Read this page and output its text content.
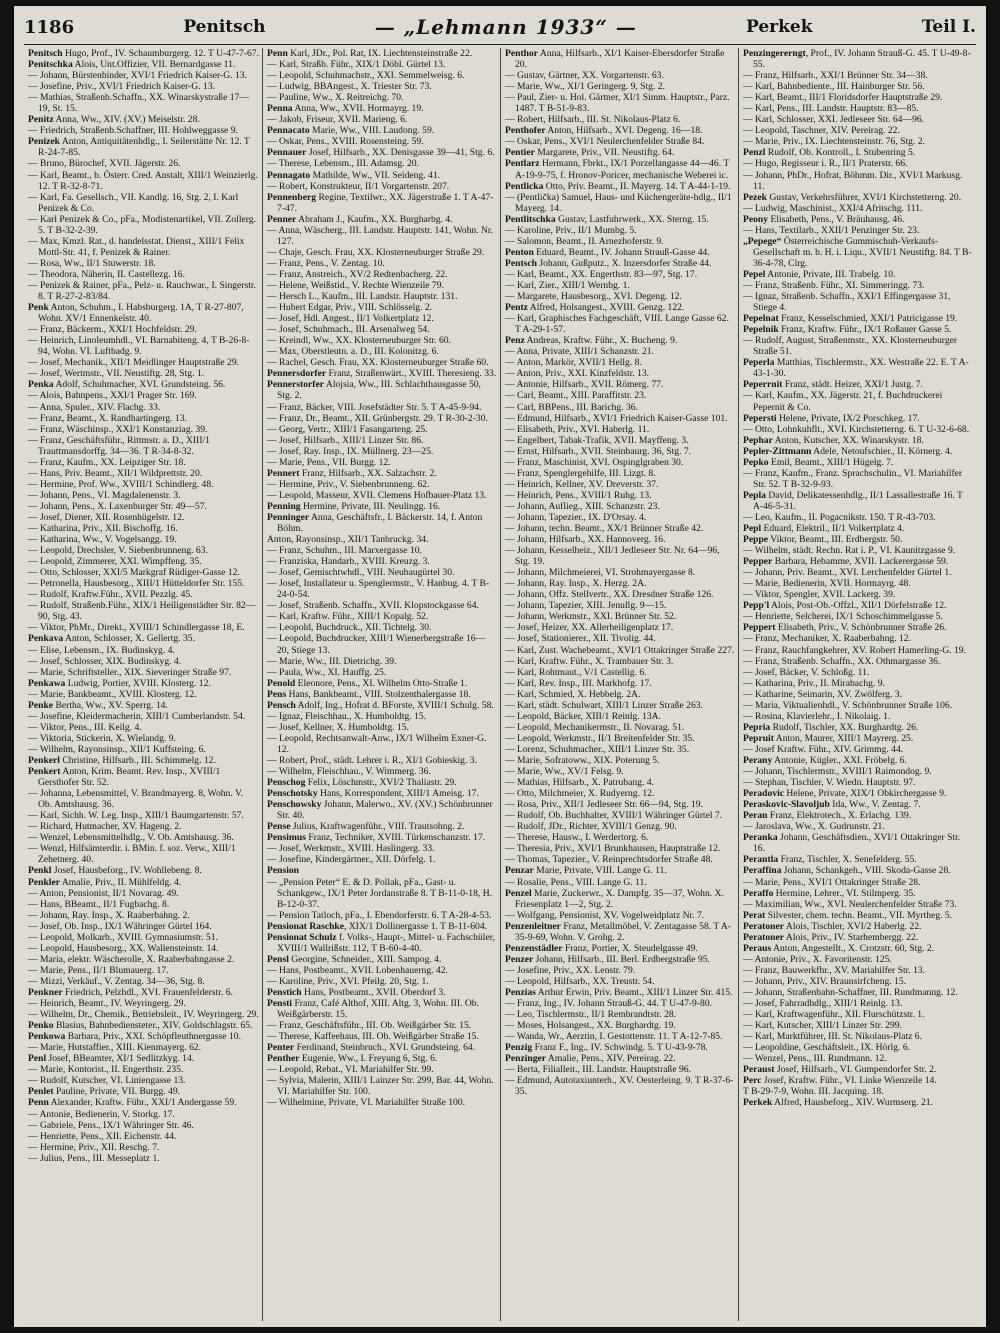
1186	Penitsch	— „Lehmann 1933“ —	Perkek	Teil I.

Penitsch Hugo, Prof., IV. Schaumburgerg. 12. T U-47-7-67.

Penitschka Alois, Unt.Offizier, VII. Bernardgasse 11.

— Johann, Bürstenbinder, XVI/1 Friedrich Kaiser-G. 13.

— Josefine, Priv., XVI/1 Friedrich Kaiser-G. 13.

— Mathias, Straßenb.Schaffn., XX. Winarskystraße 17—19, St. 15.

Penitz Anna, Ww., XIV. (XV.) Meiselstr. 28.

— Friedrich, Straßenb.Schaffner, III. Hohlweggasse 9.

Penizek Anton, Antiquitätenhdlg., I. Seilerstätte Nr. 12. T R-24-7-85.

— Bruno, Bürochef, XVII. Jägerstr. 26.

— Karl, Beamt., b. Österr. Cred. Anstalt, XIII/1 Weinzierlg. 12. T R-32-8-71.

— Karl, Fa. Gesellsch., VII. Kandlg. 16, Stg. 2, I. Karl Penizek & Co.

— Karl Penizek & Co., pFa., Modistenartikel, VII. Zollerg. 5. T B-32-2-39.

— Max, Kmzl. Rat., d. handelsstat. Dienst., XIII/1 Felix Mottl-Str. 41, f. Penizek & Rainer.

— Rosa, Ww., II/1 Stuwerstr. 18.

— Theodora, Näherin, II. Castellezg. 16.

— Penizek & Rainer, pFa., Pelz- u. Rauchwar., I. Singerstr. 8. T R-27-2-83/84.

Penk Anton, Schuhm., I. Habsburgerg. 1A, T R-27-807, Wohn. XV/1 Ennenkelstr. 40.

— Franz, Bäckerm., XXI/1 Hochfeldstr. 29.

— Heinrich, Linoleumhdl., VI. Barnabiteng. 4, T B-26-8-94, Wohn. VI. Luftbadg. 9.

— Josef, Mechanik., XII/1 Meidlinger Hauptstraße 29.

— Josef, Wertmstr., VII. Neustiftg. 28, Stg. 1.

Penka Adolf, Schuhmacher, XVI. Grundsteing. 56.

— Alois, Bahnpens., XXI/1 Prager Str. 169.

— Anna, Spuler., XIV. Flachg. 33.

— Franz, Beamt., X. Randhartingerg. 13.

— Franz, Wäschinsp., XXI/1 Konstanziag. 39.

— Franz, Geschäftsführ., Rittmstr. a. D., XIII/1 Trauttmansdorffg. 34—36. T R-34-8-32.

— Franz, Kaufm., XX. Leipziger Str. 18.

— Hans, Priv. Beamt., XII/1 Wildprettstr. 20.

— Hermine, Prof. Ww., XVIII/1 Schindlerg. 48.

— Johann, Pens., VI. Magdalenenstr. 3.

— Johann, Pens., X. Laxenburger Str. 49—57.

— Josef, Diener, XII. Rosenhügelstr. 12.

— Katharina, Priv., XII. Bischoffg. 16.

— Katharina, Ww., V. Vogelsangg. 19.

— Leopold, Drechsler, V. Siebenbrunneng. 63.

— Leopold, Zimmerer, XXI. Wimpffeng. 35.

— Otto, Schlosser, XXI/5 Markgraf Rüdiger-Gasse 12.

— Petronella, Hausbesorg., XIII/1 Hütteldorfer Str. 155.

— Rudolf, Kraftw.Führ., XVII. Pezzlg. 45.

— Rudolf, Straßenb.Führ., XIX/1 Heiligenstädter Str. 82—90, Stg. 43.

— Viktor, PhMr., Direkt., XVIII/1 Schindlergasse 18, E.

Penkava Anton, Schlosser, X. Gellertg. 35.

— Elise, Lebensm., IX. Budinskyg. 4.

— Josef, Schlosser, XIX. Budinskyg. 4.

— Marie, Schriftsteller., XIX. Sieveringer Straße 97.

Penkawa Ludwig, Portier, XVIII. Klosterg. 12.

— Marie, Bankbeamt., XVIII. Klosterg. 12.

Penke Bertha, Ww., XV. Sperrg. 14.

— Josefine, Kleidermacherin, XIII/1 Cumberlandstr. 54.

— Viktor, Pens., III. Keilg. 4.

— Viktoria, Stickerin, X. Wielandg. 9.

— Wilhelm, Rayonsinsp., XII/1 Kuffsteing. 6.

Penkerl Christine, Hilfsarb., III. Schimmelg. 12.

Penkert Anton, Krim. Beamt. Rev. Insp., XVIII/1 Gersthofer Str. 52.

— Johanna, Lebensmittel, V. Brandmayerg. 8, Wohn. V. Ob. Amtshausg. 36.

— Karl, Sichh. W. Leg. Insp., XIII/1 Baumgartenstr. 57.

— Richard, Hutmacher, XV. Hageng. 2.

— Wenzel, Lebensmittelhdlg., V. Ob. Amtshausg. 36.

— Wenzl, Hilfsämterdir. i. BMin. f. soz. Verw., XIII/1 Zehetnerg. 40.

Penkl Josef, Hausbeforg., IV. Wohllebeng. 8.

Penkler Amalie, Priv., II. Mühlfeldg. 4.

— Anton, Pensionist, II/1 Novarag. 49.

— Hans, BBeamt., II/1 Fugbachg. 8.

— Johann, Ray. Insp., X. Raaberbahng. 2.

— Josef, Ob. Insp., IX/1 Währinger Gürtel 164.

— Leopold, Molkarb., XVIII. Gymnasiumstr. 51.

— Leopold, Hausbesorg., XX. Wallensteinstr. 14.

— Maria, elektr. Wäscherolle, X. Raaberbahngasse 2.

— Marie, Pens., II/1 Blumauerg. 17.

— Mizzi, Verkäuf., V. Zentag. 34—36, Stg. 8.

Penkner Friedrich, Pelzhdl., XVI. Frauenfelderstr. 6.

— Heinrich, Beamt., IV. Weyringerg. 29.

— Wilhelm, Dr., Chemik., Betriebsleit., IV. Weyringerg. 29.

Penko Blasius, Bahnbediensteter., XIV. Goldschlagstr. 65.

Penkowa Barbara, Priv., XXI. Schöpfleuthnergasse 10.

— Marie, Hutstaffier., XIII. Kienmayerg. 62.

Penl Josef, BBeamter, XI/1 Sedlitzkyg. 14.

— Marie, Kontorist., II. Engerthstr. 235.

— Rudolf, Kutscher, VI. Liniengasse 13.

Penlet Pauline, Private, VII. Burgg. 49.

Penn Alexander, Kraftw. Führ., XXI/1 Andergasse 59.

— Antonie, Bedienerin, V. Storkg. 17.

— Gabriele, Pens., IX/1 Währinger Str. 46.

— Henriette, Pens., XII. Eichenstr. 44.

— Hermine, Priv., XII. Reschg. 7.

— Julius, Pens., III. Messeplatz 1.

Penn Karl, JDr., Pol. Rat, IX. Liechtensteinstraße 22.

— Karl, Straßb. Führ., XIX/1 Döbl. Gürtel 13.

— Leopold, Schuhmachstr., XXI. Semmelweisg. 6.

— Ludwig, BBAngest., X. Triester Str. 73.

— Pauline, Ww., X. Reitreichg. 70.

Penna Anna, Ww., XVII. Hormayrg. 19.

— Jakob, Friseur, XVII. Marieng. 6.

Pennacato Marie, Ww., VIII. Laudong. 59.

— Oskar, Pens., XVIII. Rosensteing. 59.

Pennauer Josef, Hilfsarb., XX. Denisgasse 39—41, Stg. 6.

— Therese, Lebensm., III. Adamsg. 20.

Pennagato Mathilde, Ww., VII. Seideng. 41.

— Robert, Konstrukteur, II/1 Vorgartenstr. 207.

Pennenberg Regine, Textilwr., XX. Jägerstraße 1. T A-47-7-47.

Penner Abraham J., Kaufm., XX. Burgharbg. 4.

— Anna, Wäscherg., III. Landstr. Hauptstr. 141, Wohn. Nr. 127.

— Chaje, Gesch. Frau, XX. Klosterneuburger Straße 29.

— Franz, Pens., V. Zentag. 10.

— Franz, Anstreich., XV/2 Redtenbacherg. 22.

— Helene, Weißstid., V. Rechte Wienzeile 79.

— Hersch L., Kaufm., III. Landstr. Hauptstr. 131.

— Hubert Edgar, Priv., VIII. Schlösselg. 2.

— Josef, Hdl. Angest., II/1 Volkertplatz 12.

— Josef, Schuhmach., III. Arsenalweg 54.

— Kreindl, Ww., XX. Klosterneuburger Str. 60.

— Max, Oberstleutn. a. D., III. Kolonitzg. 6.

— Rachel, Gesch. Frau, XX. Klosterneuburger Straße 60.

Pennersdorfer Franz, Straßenwärt., XVIII. Theresieng. 33.

Pennerstorfer Alojsia, Ww., III. Schlachthausgasse 50, Stg. 2.

— Franz, Bäcker, VIII. Josefstädter Str. 5. T A-45-9-94.

— Franz, Dr., Beamt., XII. Grünbergstr. 29. T R-30-2-30.

— Georg, Vertr., XIII/1 Fasangarteng. 25.

— Josef, Hilfsarb., XIII/1 Linzer Str. 86.

— Josef, Ray. Insp., IX. Müllnerg. 23—25.

— Marie, Pens., VII. Burgg. 12.

Pennert Franz, Hilfsarb., XX. Salzachstr. 2.

— Hermine, Priv., V. Siebenbrunneng. 62.

— Leopold, Masseur, XVII. Clemens Hofbauer-Platz 13.

Penning Hermine, Private, III. Neulingg. 16.

Penninger Anna, Geschäftsfr., I. Bäckerstr. 14, f. Anton Böhm.

Anton, Rayonsinsp., XII/1 Tanbruckg. 34.

— Franz, Schuhm., III. Marxergasse 10.

— Franziska, Handarb., XVIII. Kreuzg. 3.

— Josef, Gemischtwhdl., VIII. Neubaugürtel 30.

— Josef, Installateur u. Spenglermstr., V. Hanbug. 4. T B-24-0-54.

— Josef, Straßenb. Schaffn., XVII. Klopstockgasse 64.

— Karl, Kraftw. Führ., XIII/1 Kopalg. 52.

— Leopold, Buchdruck., XII. Tichtelg. 30.

— Leopold, Buchdrucker, XIII/1 Wienerbergstraße 16—20, Stiege 13.

— Marie, Ww., III. Dietrichg. 39.

— Paula, Ww., XI. Hauffg. 25.

Penold Eleonore, Pens., XI. Wilhelm Otto-Straße 1.

Pens Hans, Bankbeamt., VIII. Stolzenthalergasse 18.

Pensch Adolf, Ing., Hofrat d. BForste, XVIII/1 Schulg. 58.

— Ignaz, Fleischhau., X. Humboldtg. 15.

— Josef, Kellner, X. Humboldtg. 15.

— Leopold, Rechtsanwalt-Anw., IX/1 Wilhelm Exner-G. 12.

— Robert, Prof., städt. Lehrer i. R., XI/1 Gobieskig. 3.

— Wilhelm, Fleischhau., V. Wimmerg. 36.

Penschog Felix, Löschmstr., XVI/2 Thaliastr. 29.

Penschotsky Hans, Korrespondent, XIII/1 Ameisg. 17.

Penschowsky Johann, Malerwo., XV. (XV.) Schönbrunner Str. 40.

Pense Julius, Kraftwagenführ., VIII. Trautsohng. 2.

Pensimus Franz, Techniker, XVIII. Türkenschanzstr. 17.

— Josef, Werkmstr., XVIII. Haslingerg. 33.

— Josefine, Kindergärtner., XII. Dörfelg. 1.

Pension

— „Pension Peter“ E. & D. Pollak, pFa., Gast- u. Schankgew., IX/1 Peter Jordanstraße 8. T B-11-0-18, H. B-12-0-37.

— Pension Tatloch, pFa., I. Ebendorferstr. 6. T A-28-4-53.

Pensionat Raschke, XIX/1 Dollinergasse 1. T B-11-604.

Pensionat Schulz f. Volks-, Haupt-, Mittel- u. Fachschüler, XVIII/1 Wallrißstr. 112, T B-60-4-40.

Pensl Georgine, Schneider., XIII. Sampog. 4.

— Hans, Postbeamt., XVII. Lobenhauerng. 42.

— Karoline, Priv., XVI. Pfeilg. 20, Stg. 1.

Penstich Hans, Postbeamt., XVII. Oberdorf 3.

Pensti Franz, Café Althof, XIII. Altg. 3, Wohn. III. Ob. Weißgärberstr. 15.

— Franz, Geschäftsführ., III. Ob. Weißgärber Str. 15.

— Therese, Kaffeehaus, III. Ob. Weißgärber Straße 15.

Penter Ferdinand, Steinbruch., XVI. Grundsteing. 64.

Penther Eugenie, Ww., I. Freyung 6, Stg. 6.

— Leopold, Rebat., VI. Mariahilfer Str. 99.

— Sylvia, Malerin, XIII/1 Lainzer Str. 299, Bar. 44, Wohn. VI. Mariahilfer Str. 100.

— Wilhelmine, Private, VI. Mariahilfer Straße 100.

Penthor Anna, Hilfsarb., XI/1 Kaiser-Ebersdorfer Straße 20.

— Gustav, Gärtner, XX. Vorgartenstr. 63.

— Marie, Ww., XI/1 Geringerg. 9, Stg. 2.

— Paul, Zier- u. Hol. Gärtner, XI/1 Simm. Hauptstr., Parz. 1487. T B-51-9-83.

— Robert, Hilfsarb., III. St. Nikolaus-Platz 6.

Penthofer Anton, Hilfsarb., XVI. Degeng. 16—18.

— Oskar, Pens., XVI/1 Neulerchenfelder Straße 84.

Pentier Margarete, Priv., VII. Neustiftg. 64.

Pentlarz Hermann, Fbrkt., IX/1 Porzellangasse 44—46. T A-19-9-75, f. Hronov-Poricer, mechanische Weberei ic.

Pentlicka Otto, Priv. Beamt., II. Mayerg. 14. T A-44-1-19.

— (Pentlička) Samuel, Haus- und Küchengeräte-hdlg., II/1 Mayerg. 14.

Pentlitschka Gustav, Lastfuhrwerk., XX. Sterng. 15.

— Karoline, Priv., II/1 Mumbg. 5.

— Salomon, Beamt., II. Arnezhoferstr. 9.

Penton Eduard, Beamt., IV. Johann Strauß-Gasse 44.

Pentsch Johann, Gußputz., X. Inzersdorfer Straße 44.

— Karl, Beamt., XX. Engerthstr. 83—97, Stg. 17.

— Karl, Zier., XIII/1 Wernbg. 1.

— Margarete, Hausbesorg., XVI. Degeng. 12.

Pentz Alfred, Holsangest., XVIII. Genzg. 122.

— Karl, Graphisches Fachgeschäft, VIII. Lange Gasse 62. T A-29-1-57.

Penz Andreas, Kraftw. Führ., X. Bucheng. 9.

— Anna, Private, XIII/1 Schanzstr. 21.

— Anton, Markör, XVII/1 Hellg. 8.

— Anton, Priv., XXI. Kinzfeldstr. 13.

— Antonie, Hilfsarb., XVII. Römerg. 77.

— Carl, Beamt., XIII. Paraffitstr. 23.

— Carl, BBPens., III. Barichg. 36.

— Edmund, Hilfsarb., XVI/1 Friedrich Kaiser-Gasse 101.

— Elisabeth, Priv., XVI. Haberlg. 11.

— Engelbert, Tabak-Trafik, XVII. Mayffeng. 3.

— Ernst, Hilfsarb., XVII. Steinbaurg. 36, Stg. 7.

— Franz, Maschinist, XVI. Ospinglgraben 30.

— Franz, Spenglergehilfe, III. Lizgt. 8.

— Heinrich, Kellner, XV. Dreverstr. 37.

— Heinrich, Pens., XVIII/1 Ruhg. 13.

— Johann, Auflieg., XIII. Schanzstr. 23.

— Johann, Tapezier., IX. D'Orsay. 4.

— Johann, techn. Beamt., XX/1 Brünner Straße 42.

— Johann, Hilfsarb., XX. Hannoverg. 16.

— Johann, Kesselheiz., XII/1 Jedleseer Str. Nr. 64—96, Stg. 19.

— Johann, Milchmeierei, VI. Strohmayergasse 8.

— Johann, Ray. Insp., X. Herzg. 2A.

— Johann, Offz. Stellvertr., XX. Dresdner Straße 126.

— Johann, Tapezier, XIII. Jenullg. 9—15.

— Johann, Werkmstr., XXI. Brünner Str. 52.

— Josef, Heizer, XX. Allerheiligenplatz 17.

— Josef, Stationierer., XII. Tivolig. 44.

— Karl, Zust. Wachebeamt., XVI/1 Ottakringer Straße 227.

— Karl, Kraftw. Führ., X. Trambauer Str. 3.

— Karl, Rohtmaut., V/1 Castellig. 6.

— Karl, Rev. Insp., III. Markhofg. 17.

— Karl, Schmied, X. Hebbelg. 2A.

— Karl, städt. Schulwart, XIII/1 Linzer Straße 263.

— Leopold, Bäcker, XIII/1 Reinlg. 13A.

— Leopold, Mechanikermstr., II. Novarag. 51.

— Leopold, Werkmstr., II/1 Breitenfelder Str. 35.

— Lorenz, Schuhmacher., XIII/1 Linzer Str. 35.

— Marie, Sofratoww., XIX. Poterung 5.

— Marie, Ww., XV/1 Felsg. 9.

— Mathias, Hilfsarb., X. Patrubang. 4.

— Otto, Milchmeier, X. Rudyerng. 12.

— Rosa, Priv., XII/1 Jedleseer Str. 66—94, Stg. 19.

— Rudolf, Ob. Buchhalter, XVIII/1 Währinger Gürtel 7.

— Rudolf, JDr., Richter, XVIII/1 Genzg. 90.

— Therese, Hausw., I. Werdertorg. 6.

— Theresia, Priv., XVI/1 Brunkhausen, Hauptstraße 12.

— Thomas, Tapezier., V. Reinprechtsdorfer Straße 48.

Penzar Marie, Private, VIII. Lange G. 11.

— Rosalie, Pens., VIII. Lange G. 11.

Penzel Marie, Zuckerwr., X. Dampfg. 35—37, Wohn. X. Friesenplatz 1—2, Stg. 2.

— Wolfgang, Pensionist, XV. Vogelweidplatz Nr. 7.

Penzenleitner Franz, Metallmöbel, V. Zentagasse 58. T A-35-9-69, Wohn. V. Grohg. 2.

Penzenstädler Franz, Portier, X. Steudelgasse 49.

Penzer Johann, Hilfsarb., III. Berl. Erdbergstraße 95.

— Josefine, Priv., XX. Lenstr. 79.

— Leopold, Hilfsarb., XX. Treustr. 54.

Penzias Arthur Erwin, Priv. Beamt., XIII/1 Linzer Str. 415.

— Franz, Ing., IV. Johann Strauß-G. 44. T U-47-9-80.

— Leo, Tischlermstr., II/1 Rembrandtstr. 28.

— Moses, Holsangest., XX. Burghardtg. 19.

— Wanda, Wr., Aerztin, I. Gestottenstr. 11. T A-12-7-85.

Penzig Franz F., Ing., IV. Schwindg. 5. T U-43-9-78.

Penzinger Amalie, Pens., XIV. Pereirag. 22.

— Berta, Filialleit., III. Landstr. Hauptstraße 96.

— Edmund, Autotaxiunterh., XV. Oesterleing. 9. T R-37-6-35.

Penzingererngt, Prof., IV. Johann Strauß-G. 45. T U-49-8-55.

— Franz, Hilfsarb., XXI/1 Brünner Str. 34—38.

— Karl, Bahnbediente., III. Hainburger Str. 56.

— Karl, Beamt., III/1 Floridsdorfer Hauptstraße 29.

— Karl, Pens., III. Landstr. Hauptstr. 83—85.

— Karl, Schlosser, XXI. Jedleseer Str. 64—96.

— Leopold, Taschner, XIV. Pereirag. 22.

— Marie, Priv., IX. Liechtensteinstr. 76, Stg. 2.

Penzl Rudolf, Ob. Kontroll., I. Stubenring 5.

— Hugo, Regisseur i. R., II/1 Praterstr. 66.

— Johann, PhDr., Hofrat, Böhmm. Dir., XVI/1 Markusg. 11.

Pezek Gustav, Verkehrsführer, XVI/1 Kirchstetterng. 20.

— Ludwig, Maschinist., XXI/4 Afritschg. 111.

Peony Elisabeth, Pens., V. Bräuhausg. 46.

— Hans, Textilarb., XXII/1 Penzinger Str. 23.

„Pepege“ Österreichische Gummischuh-Verkaufs-Gesellschaft m. b. H. i. Liqu., XVII/1 Neustiftg. 84. T B-36-4-78, Clrg.

Pepel Antonie, Private, III. Trabelg. 10.

— Franz, Straßenb. Führ., XI. Simmeringg. 73.

— Ignaz, Straßenb. Schaffn., XXI/1 Effingergasse 31, Stiege 4.

Pepelnat Franz, Kesselschmied, XXI/1 Patricigasse 19.

Pepelnik Franz, Kraftw. Führ., IX/1 Roßauer Gasse 5.

— Rudolf, August, Straßenmstr., XX. Klosterneuburger Straße 51.

Peperla Matthias, Tischlermstr., XX. Westraße 22. E. T A-43-1-30.

Peperrnit Franz, städt. Heizer, XXI/1 Justg. 7.

— Karl, Kaufm., XX. Jägerstr. 21, f. Buchdruckerei Pepernit & Co.

Pepersti Helene, Private, IX/2 Porschkeg. 17.

— Otto, Lohnkuhflt., XVI. Kirchstetterng. 6. T U-32-6-68.

Pephar Anton, Kutscher, XX. Winarskystr. 18.

Pepler-Zittmann Adele, Netoufschier., II. Körnerg. 4.

Pepko Emil, Beamt., XIII/1 Hügelg. 7.

— Franz, Kaufm., Franz. Sprachschulin., VI. Mariahilfer Str. 52. T B-32-9-93.

Pepla David, Delikatessenhdlg., II/1 Lassallestraße 16. T A-46-5-31.

— Leo, Kaufm., II. Pogacnikstr. 150. T R-43-703.

Pepl Eduard, Elektril., II/1 Volkertplatz 4.

Peppe Viktor, Beamt., III. Erdbergstr. 50.

— Wilhelm, städt. Rechn. Rat i. P., VI. Kaunitzgasse 9.

Pepper Barbara, Hebamme, XVII. Lackerergasse 59.

— Johann, Priv. Beamt., XVI. Lerchenfelder Gürtel 1.

— Marie, Bedienerin, XVII. Hormayrg. 48.

— Viktor, Spengler, XVII. Lackerg. 39.

Pepp'l Alois, Post-Ob.-Offzl., XII/1 Dörfelstraße 12.

— Henriette, Selcherei, IX/1 Schoschimmelgasse 5.

Peppert Elisabeth, Priv., V. Schönbrunner Straße 26.

— Franz, Mechaniker, X. Raaberbahng. 12.

— Franz, Rauchfangkehrer, XV. Robert Hamerling-G. 19.

— Franz, Straßenb. Schaffn., XX. Othmargasse 36.

— Josef, Bäcker, V. Schloßg. 11.

— Katharina, Priv., II. Mirabachg. 9.

— Katharine, Seimarin, XV. Zwölferg. 3.

— Maria, Viktualienhdl., V. Schönbrunner Straße 106.

— Rosina, Klavierlehr., I. Nikolaig. 1.

Pepria Rudolf, Tischler, XX. Burghardtg. 26.

Pepruit Anton, Maurer, XIII/1 Mayrerg. 25.

— Josef Kraftw. Führ., XIV. Grimmg. 44.

Perany Antonie, Kügler., XXI. Fröbelg. 6.

— Johann, Tischlermstr., XVIII/1 Raimondog. 9.

— Stephan, Tischler, V. Wiedn. Hauptstr. 97.

Peradovic Helene, Private, XIX/1 Obkirchergasse 9.

Peraskovic-Slavoljub Ida, Ww., V. Zentag. 7.

Peran Franz, Elektrotech., X. Erlachg. 139.

— Jaroslava, Ww., X. Gudrunstr. 21.

Peranka Johann, Geschäftsdien., XVI/1 Ottakringer Str. 16.

Perantla Franz, Tischler, X. Senefelderg. 55.

Peraffina Johann, Schankgeh., VIII. Skoda-Gasse 28.

— Marie, Pens., XVI/1 Ottakringer Straße 28.

Peraffo Hermine, Lehrer., VI. Stilmperg. 35.

— Maximilian, Ww., XVI. Neulerchenfelder Straße 73.

Perat Silvester, chem. techn. Beamt., VII. Myrtheg. 5.

Peratoner Alois, Tischler, XVI/2 Haberlg. 22.

Peratoner Alois, Priv., IV. Starhembergg. 22.

Peraus Anton, Angestellt., X. Crotzstr. 60, Stg. 2.

— Antonie, Priv., X. Favoritenstr. 125.

— Franz, Bauwerkfhr., XV. Mariahilfer Str. 13.

— Johann, Priv., XIV. Braunsirfcheng. 15.

— Johann, Straßenbahn-Schaffner, III. Rundmanng. 12.

— Josef, Fahrradhdlg., XIII/1 Reinlg. 13.

— Karl, Kraftwagenführ., XII. Flurschützstr. 1.

— Karl, Kutscher, XIII/1 Linzer Str. 299.

— Karl, Marktführer, III. St. Nikolaus-Platz 6.

— Leopoldine, Geschäftsleit., IX. Hörlg. 6.

— Wenzel, Pens., III. Rundmann. 12.

Peraust Josef, Hilfsarb., VI. Gumpendorfer Str. 2.

Perc Josef, Kraftw. Führ., VI. Linke Wienzeile 14.

T B-29-7-9, Wohn. III. Jacquing. 18.

Perkek Alfred, Hausbeforg., XIV. Wurmserg. 21.
